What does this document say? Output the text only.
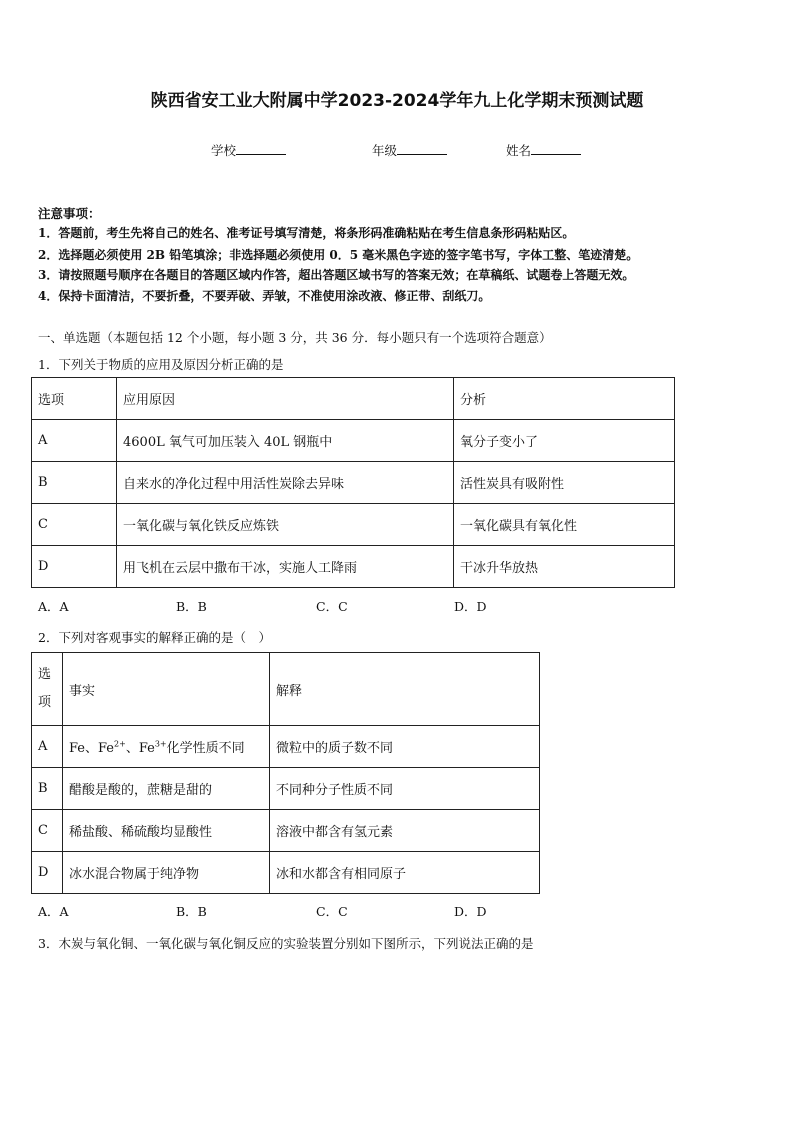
陕西省安工业大附属中学2023-2024学年九上化学期末预测试题
学校	年级	姓名
注意事项：
1．答题前，考生先将自己的姓名、准考证号填写清楚，将条形码准确粘贴在考生信息条形码粘贴区。
2．选择题必须使用 2B 铅笔填涂；非选择题必须使用 0．5 毫米黑色字迹的签字笔书写，字体工整、笔迹清楚。
3．请按照题号顺序在各题目的答题区域内作答，超出答题区域书写的答案无效；在草稿纸、试题卷上答题无效。
4．保持卡面清洁，不要折叠，不要弄破、弄皱，不准使用涂改液、修正带、刮纸刀。
一、单选题（本题包括 12 个小题，每小题 3 分，共 36 分．每小题只有一个选项符合题意）
1．下列关于物质的应用及原因分析正确的是
选项	应用原因	分析
A	4600L 氧气可加压装入 40L 钢瓶中	氧分子变小了
B	自来水的净化过程中用活性炭除去异味	活性炭具有吸附性
C	一氧化碳与氧化铁反应炼铁	一氧化碳具有氧化性
D	用飞机在云层中撒布干冰，实施人工降雨	干冰升华放热
A．A	B．B	C．C	D．D
2．下列对客观事实的解释正确的是（　）
选
项	事实	解释
A	Fe、$Fe^{2+}$、$Fe^{3+}$化学性质不同	微粒中的质子数不同
B	醋酸是酸的，蔗糖是甜的	不同种分子性质不同
C	稀盐酸、稀硫酸均显酸性	溶液中都含有氢元素
D	冰水混合物属于纯净物	冰和水都含有相同原子
A．A	B．B	C．C	D．D
3．木炭与氧化铜、一氧化碳与氧化铜反应的实验装置分别如下图所示，下列说法正确的是
